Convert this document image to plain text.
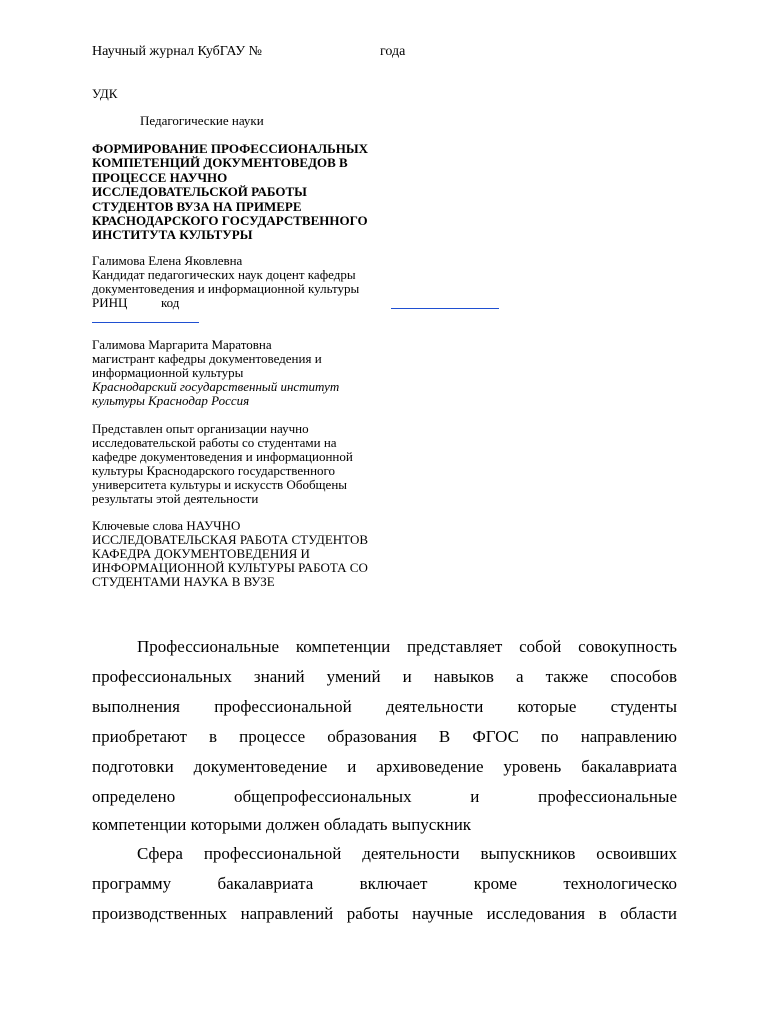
Научный журнал КубГАУ №	года
УДК
Педагогические науки
ФОРМИРОВАНИЕ ПРОФЕССИОНАЛЬНЫХ
КОМПЕТЕНЦИЙ ДОКУМЕНТОВЕДОВ В
ПРОЦЕССЕ НАУЧНО
ИССЛЕДОВАТЕЛЬСКОЙ РАБОТЫ
СТУДЕНТОВ ВУЗА НА ПРИМЕРЕ
КРАСНОДАРСКОГО ГОСУДАРСТВЕННОГО
ИНСТИТУТА КУЛЬТУРЫ
Галимова Елена Яковлевна
Кандидат педагогических наук доцент кафедры
документоведения и информационной культуры
РИНЦ	код
Галимова Маргарита Маратовна
магистрант кафедры документоведения и
информационной культуры
Краснодарский государственный институт
культуры Краснодар Россия
Представлен опыт организации научно
исследовательской работы со студентами на
кафедре документоведения и информационной
культуры Краснодарского государственного
университета культуры и искусств Обобщены
результаты этой деятельности
Ключевые слова НАУЧНО
ИССЛЕДОВАТЕЛЬСКАЯ РАБОТА СТУДЕНТОВ
КАФЕДРА ДОКУМЕНТОВЕДЕНИЯ И
ИНФОРМАЦИОННОЙ КУЛЬТУРЫ РАБОТА СО
СТУДЕНТАМИ НАУКА В ВУЗЕ
Профессиональные компетенции представляет собой совокупность
профессиональных знаний умений и навыков а также способов
выполнения профессиональной деятельности которые студенты
приобретают в процессе образования В ФГОС по направлению
подготовки документоведение и архивоведение уровень бакалавриата
определено общепрофессиональных и профессиональные
компетенции которыми должен обладать выпускник
Сфера профессиональной деятельности выпускников освоивших
программу бакалавриата включает кроме технологическо
производственных направлений работы научные исследования в области
